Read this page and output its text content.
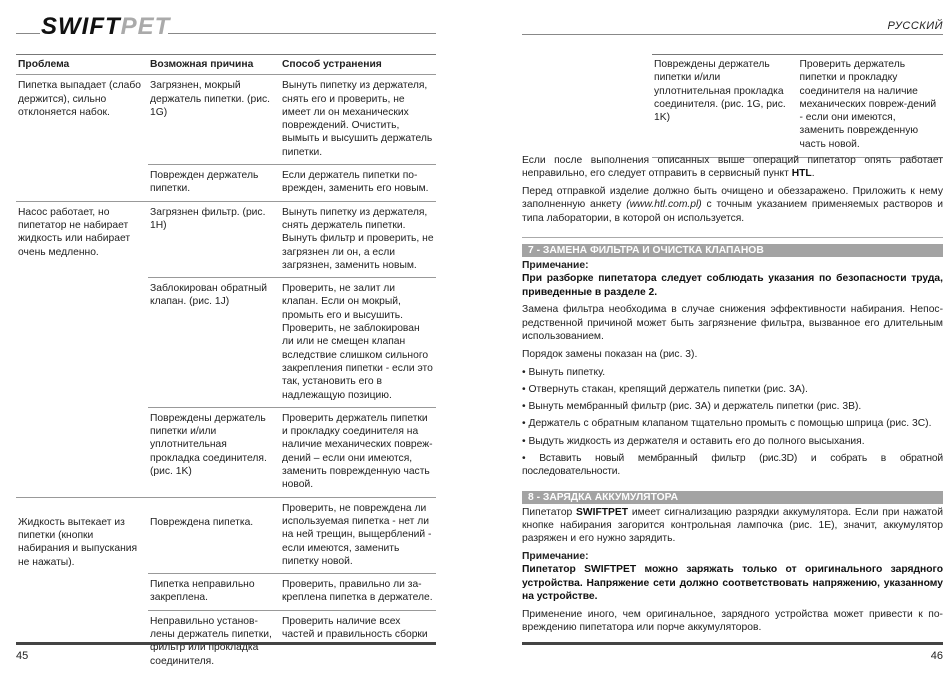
SWIFTPET
Проблема	Возможная причина	Способ устранения
Пипетка выпадает (слабо держится), сильно отклоняется набок.	Загрязнен, мокрый держатель пипетки. (рис. 1G)	Вынуть пипетку из держателя, снять его и проверить, не имеет ли он механических повреждений. Очистить, вымыть и высушить держатель пипетки.
	Поврежден держатель пипетки.	Если держатель пипетки по-врежден, заменить его новым.
Насос работает, но пипетатор не набирает жидкость или набирает очень медленно.	Загрязнен фильтр. (рис. 1H)	Вынуть пипетку из держателя, снять держатель пипетки. Вынуть фильтр и проверить, не загрязнен ли он, а если загрязнен, заменить новым.
	Заблокирован обратный клапан. (рис. 1J)	Проверить, не залит ли клапан. Если он мокрый, промыть его и высушить. Проверить, не заблокирован ли или не смещен клапан вследствие слишком сильного закрепления пипетки - если это так, установить его в надлежащую позицию.
	Повреждены держатель пипетки и/или уплотнительная прокладка соединителя. (рис. 1K)	Проверить держатель пипетки и прокладку соединителя на наличие механических повреж-дений – если они имеются, заменить поврежденную часть новой.
Жидкость вытекает из пипетки (кнопки набирания и выпускания не нажаты).	Повреждена пипетка.	Проверить, не повреждена ли используемая пипетка - нет ли на ней трещин, выщерблений - если имеются, заменить пипетку новой.
	Пипетка неправильно закреплена.	Проверить, правильно ли за-креплена пипетка в держателе.
	Неправильно установ-лены держатель пипетки, фильтр или прокладка соединителя.	Проверить наличие всех частей и правильность сборки
45
РУССКИЙ
Повреждены держатель пипетки и/или уплотнительная прокладка соединителя. (рис. 1G, рис. 1K)	Проверить держатель пипетки и прокладку соединителя на наличие механических повреж-дений - если они имеются, заменить поврежденную часть новой.

Если после выполнения описанных выше операций пипетатор опять работает неправильно, его следует отправить в сервисный пункт HTL.

Перед отправкой изделие должно быть очищено и обеззаражено. Приложить к нему заполненную анкету (www.htl.com.pl) с точным указанием применяемых растворов и типа лаборатории, в которой он используется.

7 - ЗАМЕНА ФИЛЬТРА И ОЧИСТКА КЛАПАНОВ
Примечание:

При разборке пипетатора следует соблюдать указания по безопасности труда, приведенные в разделе 2.

Замена фильтра необходима в случае снижения эффективности набирания. Непос-редственной причиной может быть загрязнение фильтра, вызванное его длительным использованием.

Порядок замены показан на (рис. 3).

• Вынуть пипетку.
• Отвернуть стакан, крепящий держатель пипетки (рис. 3А).
• Вынуть мембранный фильтр (рис. 3А) и держатель пипетки (рис. 3В).
• Держатель с обратным клапаном тщательно промыть с помощью шприца (рис. 3С).
• Выдуть жидкость из держателя и оставить его до полного высыхания.
• Вставить новый мембранный фильтр (рис.3D) и собрать в обратной последовательности.
8 - ЗАРЯДКА АККУМУЛЯТОРА

Пипетатор SWIFTPET имеет сигнализацию разрядки аккумулятора. Если при нажатой кнопке набирания загорится контрольная лампочка (рис. 1E), значит, аккумулятор разряжен и его нужно зарядить.

Примечание:

Пипетатор SWIFTPET можно заряжать только от оригинального зарядного устройства. Напряжение сети должно соответствовать напряжению, указанному на устройстве.

Применение иного, чем оригинальное, зарядного устройства может привести к по-вреждению пипетатора или порче аккумуляторов.

46
